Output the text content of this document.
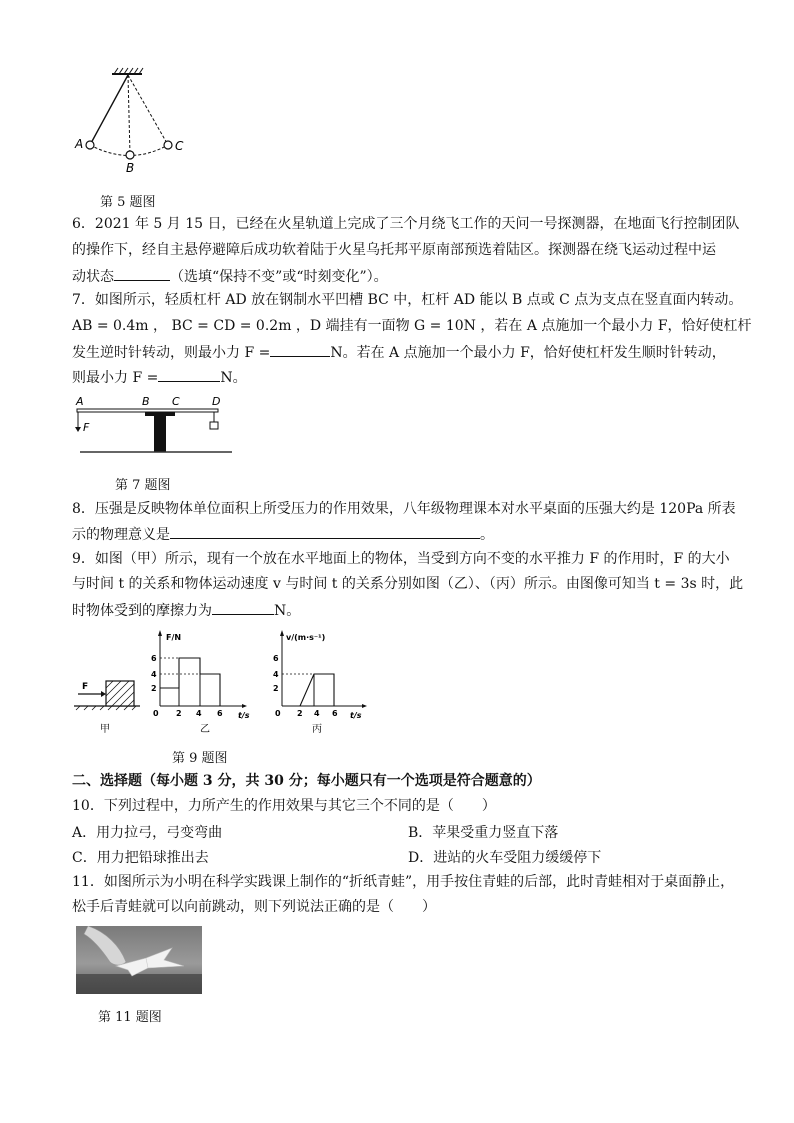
A
B
C
第 5 题图
6．2021 年 5 月 15 日，已经在火星轨道上完成了三个月绕飞工作的天问一号探测器，在地面飞行控制团队
的操作下，经自主悬停避障后成功软着陆于火星乌托邦平原南部预选着陆区。探测器在绕飞运动过程中运
动状态	（选填“保持不变”或“时刻变化”）。
7．如图所示，轻质杠杆 AD 放在钢制水平凹槽 BC 中，杠杆 AD 能以 B 点或 C 点为支点在竖直面内转动。
AB = 0.4m ， BC = CD = 0.2m ，D 端挂有一面物 G = 10N ，若在 A 点施加一个最小力 F，恰好使杠杆
发生逆时针转动，则最小力 F =	N。若在 A 点施加一个最小力 F，恰好使杠杆发生顺时针转动，
则最小力 F =	N。
A	B C	D
F
第 7 题图
8．压强是反映物体单位面积上所受压力的作用效果，八年级物理课本对水平桌面的压强大约是 120Pa 所表
示的物理意义是	。
9．如图（甲）所示，现有一个放在水平地面上的物体，当受到方向不变的水平推力 F 的作用时，F 的大小
与时间 t 的关系和物体运动速度 v 与时间 t 的关系分别如图（乙）、（丙）所示。由图像可知当 t = 3s 时，此
时物体受到的摩擦力为	N。
F
甲
F/N
t/s
2
4
6
0 2 4 6
乙
v/(m·s⁻¹)
t/s
2
4
6
0 2 4 6
丙
第 9 题图
二、选择题（每小题 3 分，共 30 分；每小题只有一个选项是符合题意的）
10．下列过程中，力所产生的作用效果与其它三个不同的是（　　）
A．用力拉弓，弓变弯曲	B．苹果受重力竖直下落
C．用力把铅球推出去	D．进站的火车受阻力缓缓停下
11．如图所示为小明在科学实践课上制作的“折纸青蛙”，用手按住青蛙的后部，此时青蛙相对于桌面静止，
松手后青蛙就可以向前跳动，则下列说法正确的是（　　）
第 11 题图
